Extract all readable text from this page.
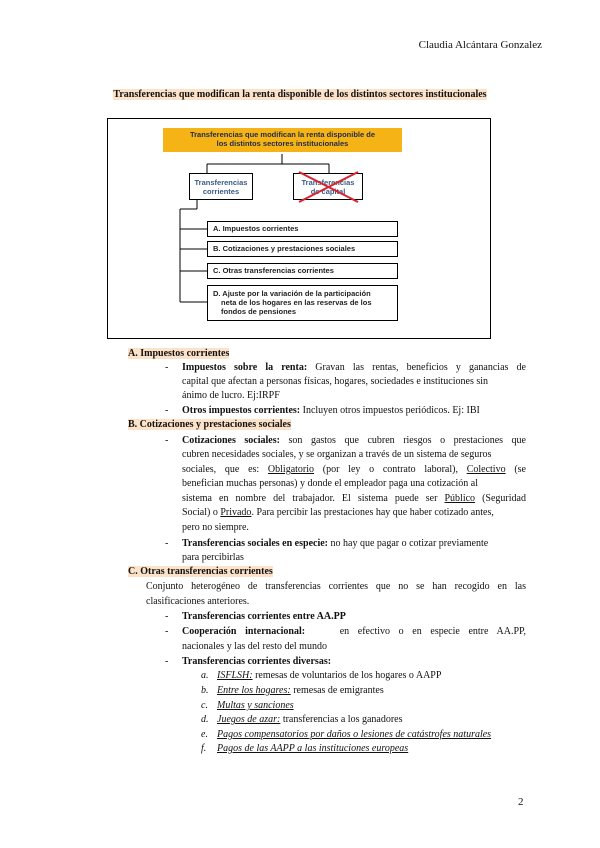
Claudia Alcántara Gonzalez
Transferencias que modifican la renta disponible de los distintos sectores institucionales
Transferencias que modifican la renta disponible de
los distintos sectores institucionales
Transferencias
corrientes
Transferencias
de capital
A. Impuestos corrientes
B. Cotizaciones y prestaciones sociales
C. Otras transferencias corrientes
D. Ajuste por la variación de la participación
neta de los hogares en las reservas de los
fondos de pensiones
A. Impuestos corrientes
- Impuestos sobre la renta: Gravan las rentas, beneficios y ganancias de
capital que afectan a personas físicas, hogares, sociedades e instituciones sin
ánimo de lucro. Ej:IRPF
- Otros impuestos corrientes: Incluyen otros impuestos periódicos. Ej: IBI
B. Cotizaciones y prestaciones sociales
- Cotizaciones sociales: son gastos que cubren riesgos o prestaciones que
cubren necesidades sociales, y se organizan a través de un sistema de seguros
sociales, que es: Obligatorio (por ley o contrato laboral), Colectivo (se
benefician muchas personas) y donde el empleador paga una cotización al
sistema en nombre del trabajador. El sistema puede ser Público (Seguridad
Social) o Privado. Para percibir las prestaciones hay que haber cotizado antes,
pero no siempre.
- Transferencias sociales en especie: no hay que pagar o cotizar previamente
para percibirlas
C. Otras transferencias corrientes
Conjunto heterogéneo de transferencias corrientes que no se han recogido en las
clasificaciones anteriores.
- Transferencias corrientes entre AA.PP
- Cooperación internacional:	en efectivo o en especie entre AA.PP,
nacionales y las del resto del mundo
- Transferencias corrientes diversas:
a. ISFLSH: remesas de voluntarios de los hogares o AAPP
b. Entre los hogares: remesas de emigrantes
c. Multas y sanciones
d. Juegos de azar: transferencias a los ganadores
e. Pagos compensatorios por daños o lesiones de catástrofes naturales
f. Pagos de las AAPP a las instituciones europeas
2
